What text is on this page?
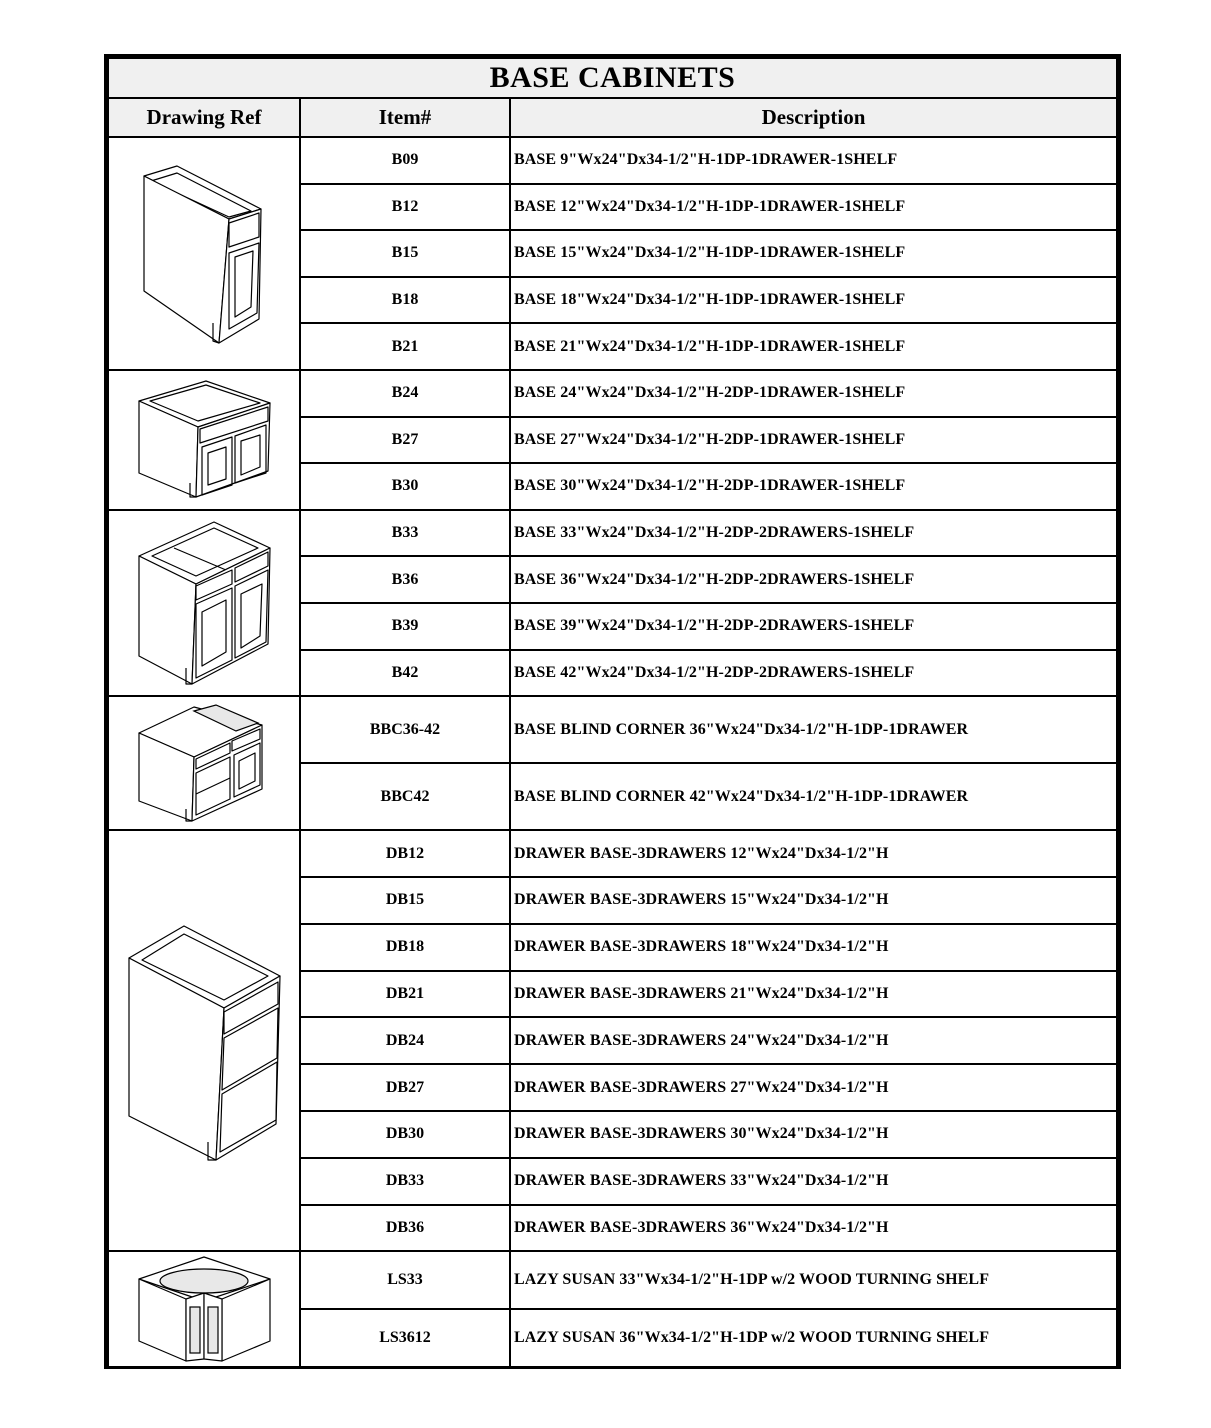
BASE CABINETS		
Drawing Ref	Item#	Description

	B09	BASE 9"Wx24"Dx34-1/2"H-1DP-1DRAWER-1SHELF
	B12	BASE 12"Wx24"Dx34-1/2"H-1DP-1DRAWER-1SHELF
	B15	BASE 15"Wx24"Dx34-1/2"H-1DP-1DRAWER-1SHELF
	B18	BASE 18"Wx24"Dx34-1/2"H-1DP-1DRAWER-1SHELF
	B21	BASE 21"Wx24"Dx34-1/2"H-1DP-1DRAWER-1SHELF

	B24	BASE 24"Wx24"Dx34-1/2"H-2DP-1DRAWER-1SHELF
	B27	BASE 27"Wx24"Dx34-1/2"H-2DP-1DRAWER-1SHELF
	B30	BASE 30"Wx24"Dx34-1/2"H-2DP-1DRAWER-1SHELF

	B33	BASE 33"Wx24"Dx34-1/2"H-2DP-2DRAWERS-1SHELF
	B36	BASE 36"Wx24"Dx34-1/2"H-2DP-2DRAWERS-1SHELF
	B39	BASE 39"Wx24"Dx34-1/2"H-2DP-2DRAWERS-1SHELF
	B42	BASE 42"Wx24"Dx34-1/2"H-2DP-2DRAWERS-1SHELF

	BBC36-42	BASE BLIND CORNER 36"Wx24"Dx34-1/2"H-1DP-1DRAWER
	BBC42	BASE BLIND CORNER 42"Wx24"Dx34-1/2"H-1DP-1DRAWER

	DB12	DRAWER BASE-3DRAWERS 12"Wx24"Dx34-1/2"H
	DB15	DRAWER BASE-3DRAWERS 15"Wx24"Dx34-1/2"H
	DB18	DRAWER BASE-3DRAWERS 18"Wx24"Dx34-1/2"H
	DB21	DRAWER BASE-3DRAWERS 21"Wx24"Dx34-1/2"H
	DB24	DRAWER BASE-3DRAWERS 24"Wx24"Dx34-1/2"H
	DB27	DRAWER BASE-3DRAWERS 27"Wx24"Dx34-1/2"H
	DB30	DRAWER BASE-3DRAWERS 30"Wx24"Dx34-1/2"H
	DB33	DRAWER BASE-3DRAWERS 33"Wx24"Dx34-1/2"H
	DB36	DRAWER BASE-3DRAWERS 36"Wx24"Dx34-1/2"H

	LS33	LAZY SUSAN 33"Wx34-1/2"H-1DP w/2 WOOD TURNING SHELF
	LS3612	LAZY SUSAN 36"Wx34-1/2"H-1DP w/2 WOOD TURNING SHELF
